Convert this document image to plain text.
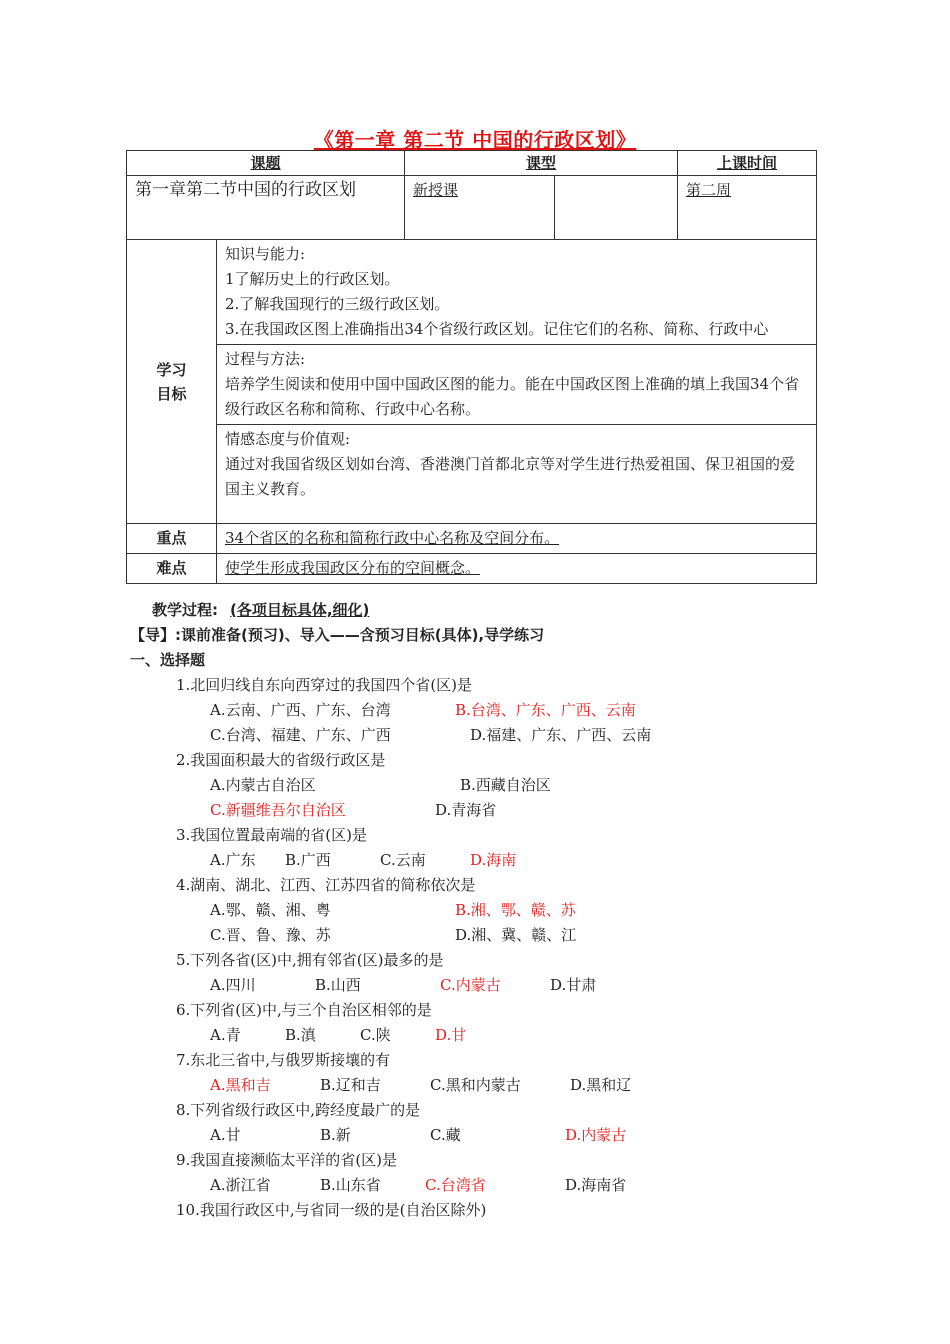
《第一章 第二节 中国的行政区划》
课题		课型		上课时间
第一章第二节中国的行政区划		新授课		第二周

学习目标	知识与能力:
1了解历史上的行政区划。
2.了解我国现行的三级行政区划。
3.在我国政区图上准确指出34个省级行政区划。记住它们的名称、简称、行政中心			

	过程与方法:
培养学生阅读和使用中国中国政区图的能力。能在中国政区图上准确的填上我国34个省级行政区名称和简称、行政中心名称。			

	情感态度与价值观:
通过对我国省级区划如台湾、香港澳门首都北京等对学生进行热爱祖国、保卫祖国的爱国主义教育。			

重点	34个省区的名称和简称行政中心名称及空间分布。			
难点	使学生形成我国政区分布的空间概念。			
教学过程: (各项目标具体,细化)
【导】:课前准备(预习)、导入——含预习目标(具体),导学练习
一、选择题
1.北回归线自东向西穿过的我国四个省(区)是
A.云南、广西、广东、台湾	B.台湾、广东、广西、云南
C.台湾、福建、广东、广西	D.福建、广东、广西、云南
2.我国面积最大的省级行政区是
A.内蒙古自治区	B.西藏自治区
C.新疆维吾尔自治区	D.青海省
3.我国位置最南端的省(区)是
A.广东 B.广西	C.云南	D.海南
4.湖南、湖北、江西、江苏四省的简称依次是
A.鄂、赣、湘、粤	B.湘、鄂、赣、苏
C.晋、鲁、豫、苏	D.湘、冀、赣、江
5.下列各省(区)中,拥有邻省(区)最多的是
A.四川	B.山西	C.内蒙古	D.甘肃
6.下列省(区)中,与三个自治区相邻的是
A.青	B.滇	C.陕	D.甘
7.东北三省中,与俄罗斯接壤的有
A.黑和吉	B.辽和吉	C.黑和内蒙古	D.黑和辽
8.下列省级行政区中,跨经度最广的是
A.甘	B.新	C.藏	D.内蒙古
9.我国直接濒临太平洋的省(区)是
A.浙江省	B.山东省	C.台湾省	D.海南省
10.我国行政区中,与省同一级的是(自治区除外)
